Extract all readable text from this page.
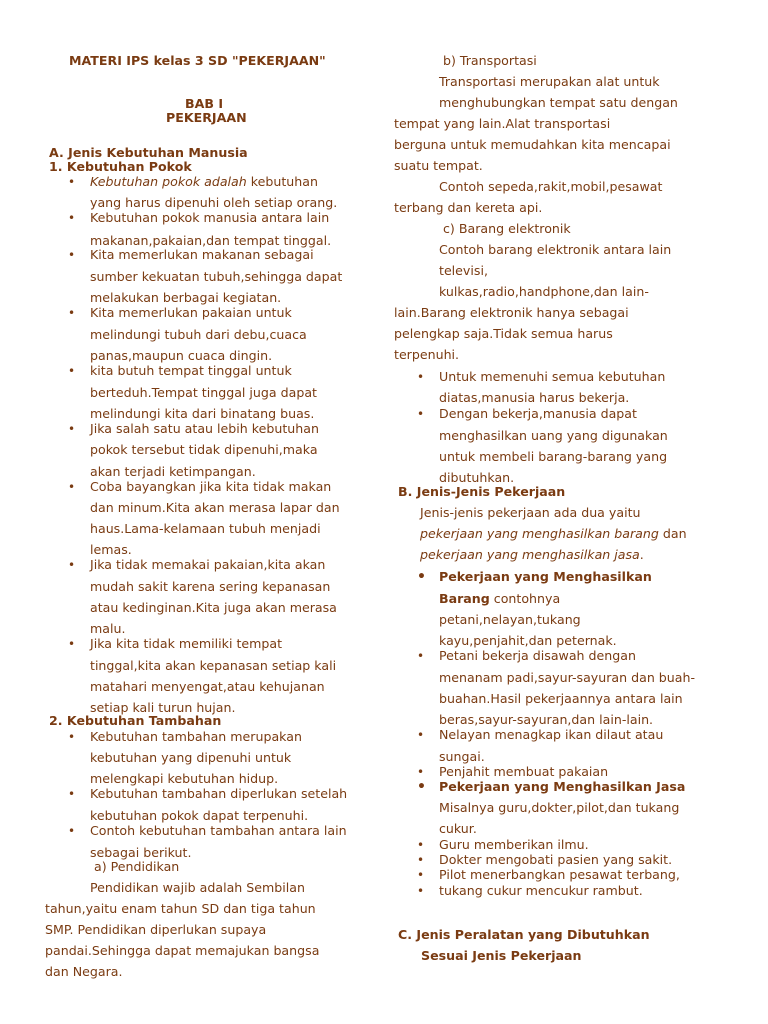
MATERI IPS kelas 3 SD "PEKERJAAN"
BAB I
PEKERJAAN
A. Jenis Kebutuhan Manusia
1. Kebutuhan Pokok
• Kebutuhan pokok adalah kebutuhan
yang harus dipenuhi oleh setiap orang.
• Kebutuhan pokok manusia antara lain
makanan,pakaian,dan tempat tinggal.
• Kita memerlukan makanan sebagai
sumber kekuatan tubuh,sehingga dapat
melakukan berbagai kegiatan.
• Kita memerlukan pakaian untuk
melindungi tubuh dari debu,cuaca
panas,maupun cuaca dingin.
• kita butuh tempat tinggal untuk
berteduh.Tempat tinggal juga dapat
melindungi kita dari binatang buas.
• Jika salah satu atau lebih kebutuhan
pokok tersebut tidak dipenuhi,maka
akan terjadi ketimpangan.
• Coba bayangkan jika kita tidak makan
dan minum.Kita akan merasa lapar dan
haus.Lama-kelamaan tubuh menjadi
lemas.
• Jika tidak memakai pakaian,kita akan
mudah sakit karena sering kepanasan
atau kedinginan.Kita juga akan merasa
malu.
• Jika kita tidak memiliki tempat
tinggal,kita akan kepanasan setiap kali
matahari menyengat,atau kehujanan
setiap kali turun hujan.
2. Kebutuhan Tambahan
• Kebutuhan tambahan merupakan
kebutuhan yang dipenuhi untuk
melengkapi kebutuhan hidup.
• Kebutuhan tambahan diperlukan setelah
kebutuhan pokok dapat terpenuhi.
• Contoh kebutuhan tambahan antara lain
sebagai berikut.
a) Pendidikan
Pendidikan wajib adalah Sembilan
tahun,yaitu enam tahun SD dan tiga tahun
SMP. Pendidikan diperlukan supaya
pandai.Sehingga dapat memajukan bangsa
dan Negara.
b) Transportasi
Transportasi merupakan alat untuk
menghubungkan tempat satu dengan
tempat yang lain.Alat transportasi
berguna untuk memudahkan kita mencapai
suatu tempat.
Contoh sepeda,rakit,mobil,pesawat
terbang dan kereta api.
c) Barang elektronik
Contoh barang elektronik antara lain
televisi,
kulkas,radio,handphone,dan lain-
lain.Barang elektronik hanya sebagai
pelengkap saja.Tidak semua harus
terpenuhi.
• Untuk memenuhi semua kebutuhan
diatas,manusia harus bekerja.
• Dengan bekerja,manusia dapat
menghasilkan uang yang digunakan
untuk membeli barang-barang yang
dibutuhkan.
B. Jenis-Jenis Pekerjaan
Jenis-jenis pekerjaan ada dua yaitu
pekerjaan yang menghasilkan barang dan
pekerjaan yang menghasilkan jasa.
• Pekerjaan yang Menghasilkan
Barang contohnya
petani,nelayan,tukang
kayu,penjahit,dan peternak.
• Petani bekerja disawah dengan
menanam padi,sayur-sayuran dan buah-
buahan.Hasil pekerjaannya antara lain
beras,sayur-sayuran,dan lain-lain.
• Nelayan menagkap ikan dilaut atau
sungai.
• Penjahit membuat pakaian
• Pekerjaan yang Menghasilkan Jasa
Misalnya guru,dokter,pilot,dan tukang
cukur.
• Guru memberikan ilmu.
• Dokter mengobati pasien yang sakit.
• Pilot menerbangkan pesawat terbang,
• tukang cukur mencukur rambut.
C. Jenis Peralatan yang Dibutuhkan
Sesuai Jenis Pekerjaan
